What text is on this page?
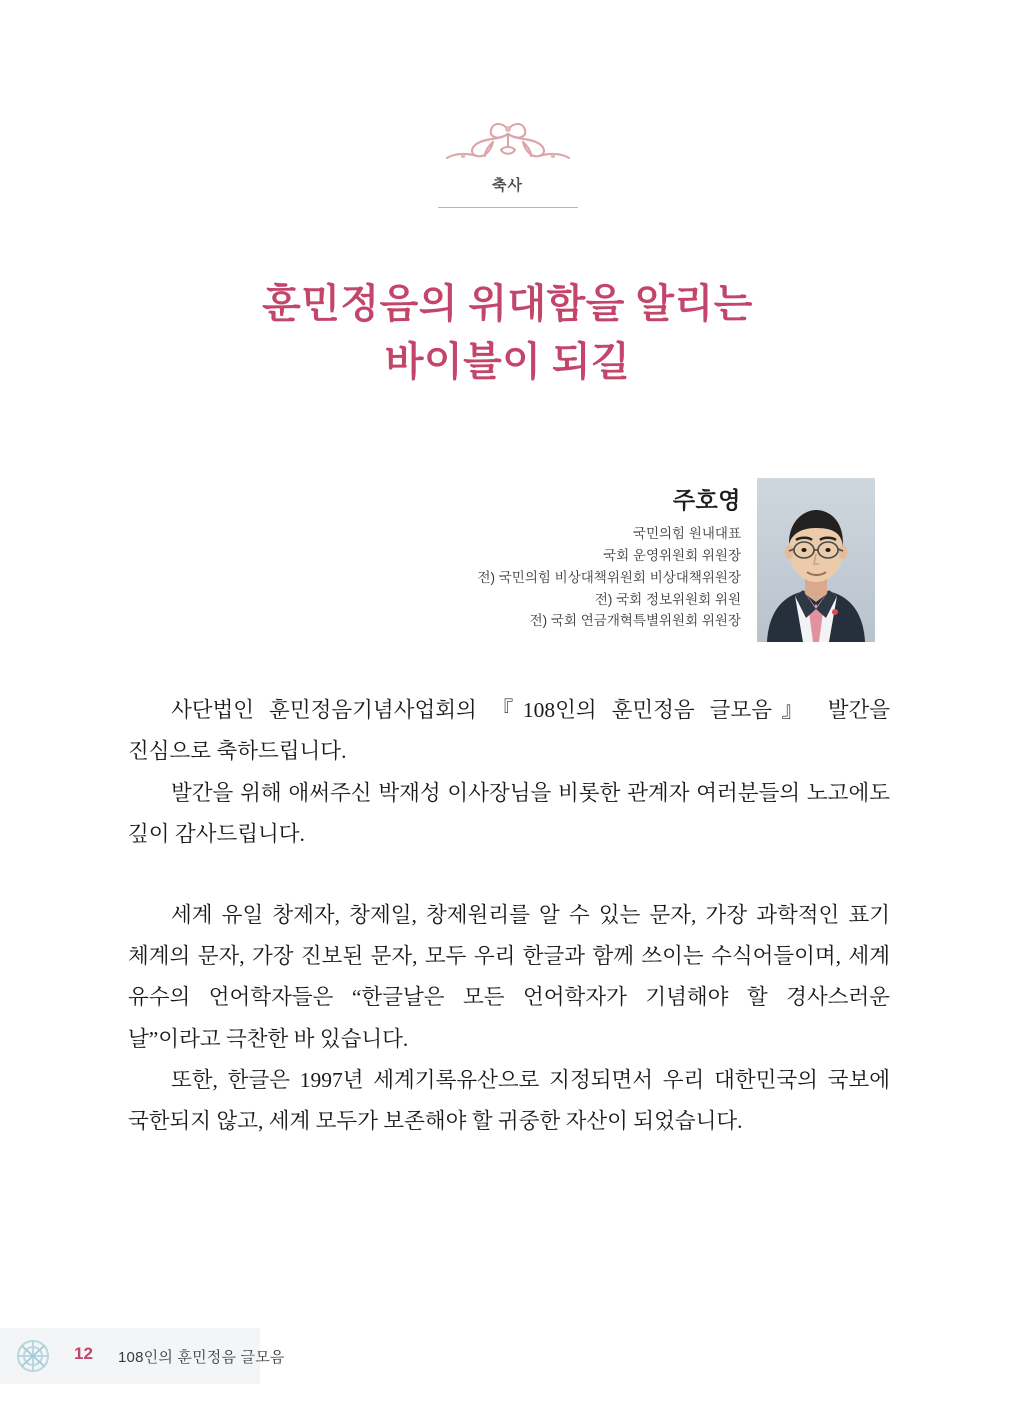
축사
훈민정음의 위대함을 알리는
바이블이 되길
주호영
국민의힘 원내대표
국회 운영위원회 위원장
전) 국민의힘 비상대책위원회 비상대책위원장
전) 국회 정보위원회 위원
전) 국회 연금개혁특별위원회 위원장

사단법인 훈민정음기념사업회의 『108인의 훈민정음 글모음』 발간을 진심으로 축하드립니다.

발간을 위해 애써주신 박재성 이사장님을 비롯한 관계자 여러분들의 노고에도 깊이 감사드립니다.

세계 유일 창제자, 창제일, 창제원리를 알 수 있는 문자, 가장 과학적인 표기 체계의 문자, 가장 진보된 문자, 모두 우리 한글과 함께 쓰이는 수식어들이며, 세계 유수의 언어학자들은 “한글날은 모든 언어학자가 기념해야 할 경사스러운 날”이라고 극찬한 바 있습니다.

또한, 한글은 1997년 세계기록유산으로 지정되면서 우리 대한민국의 국보에 국한되지 않고, 세계 모두가 보존해야 할 귀중한 자산이 되었습니다.

12 108인의 훈민정음 글모음
